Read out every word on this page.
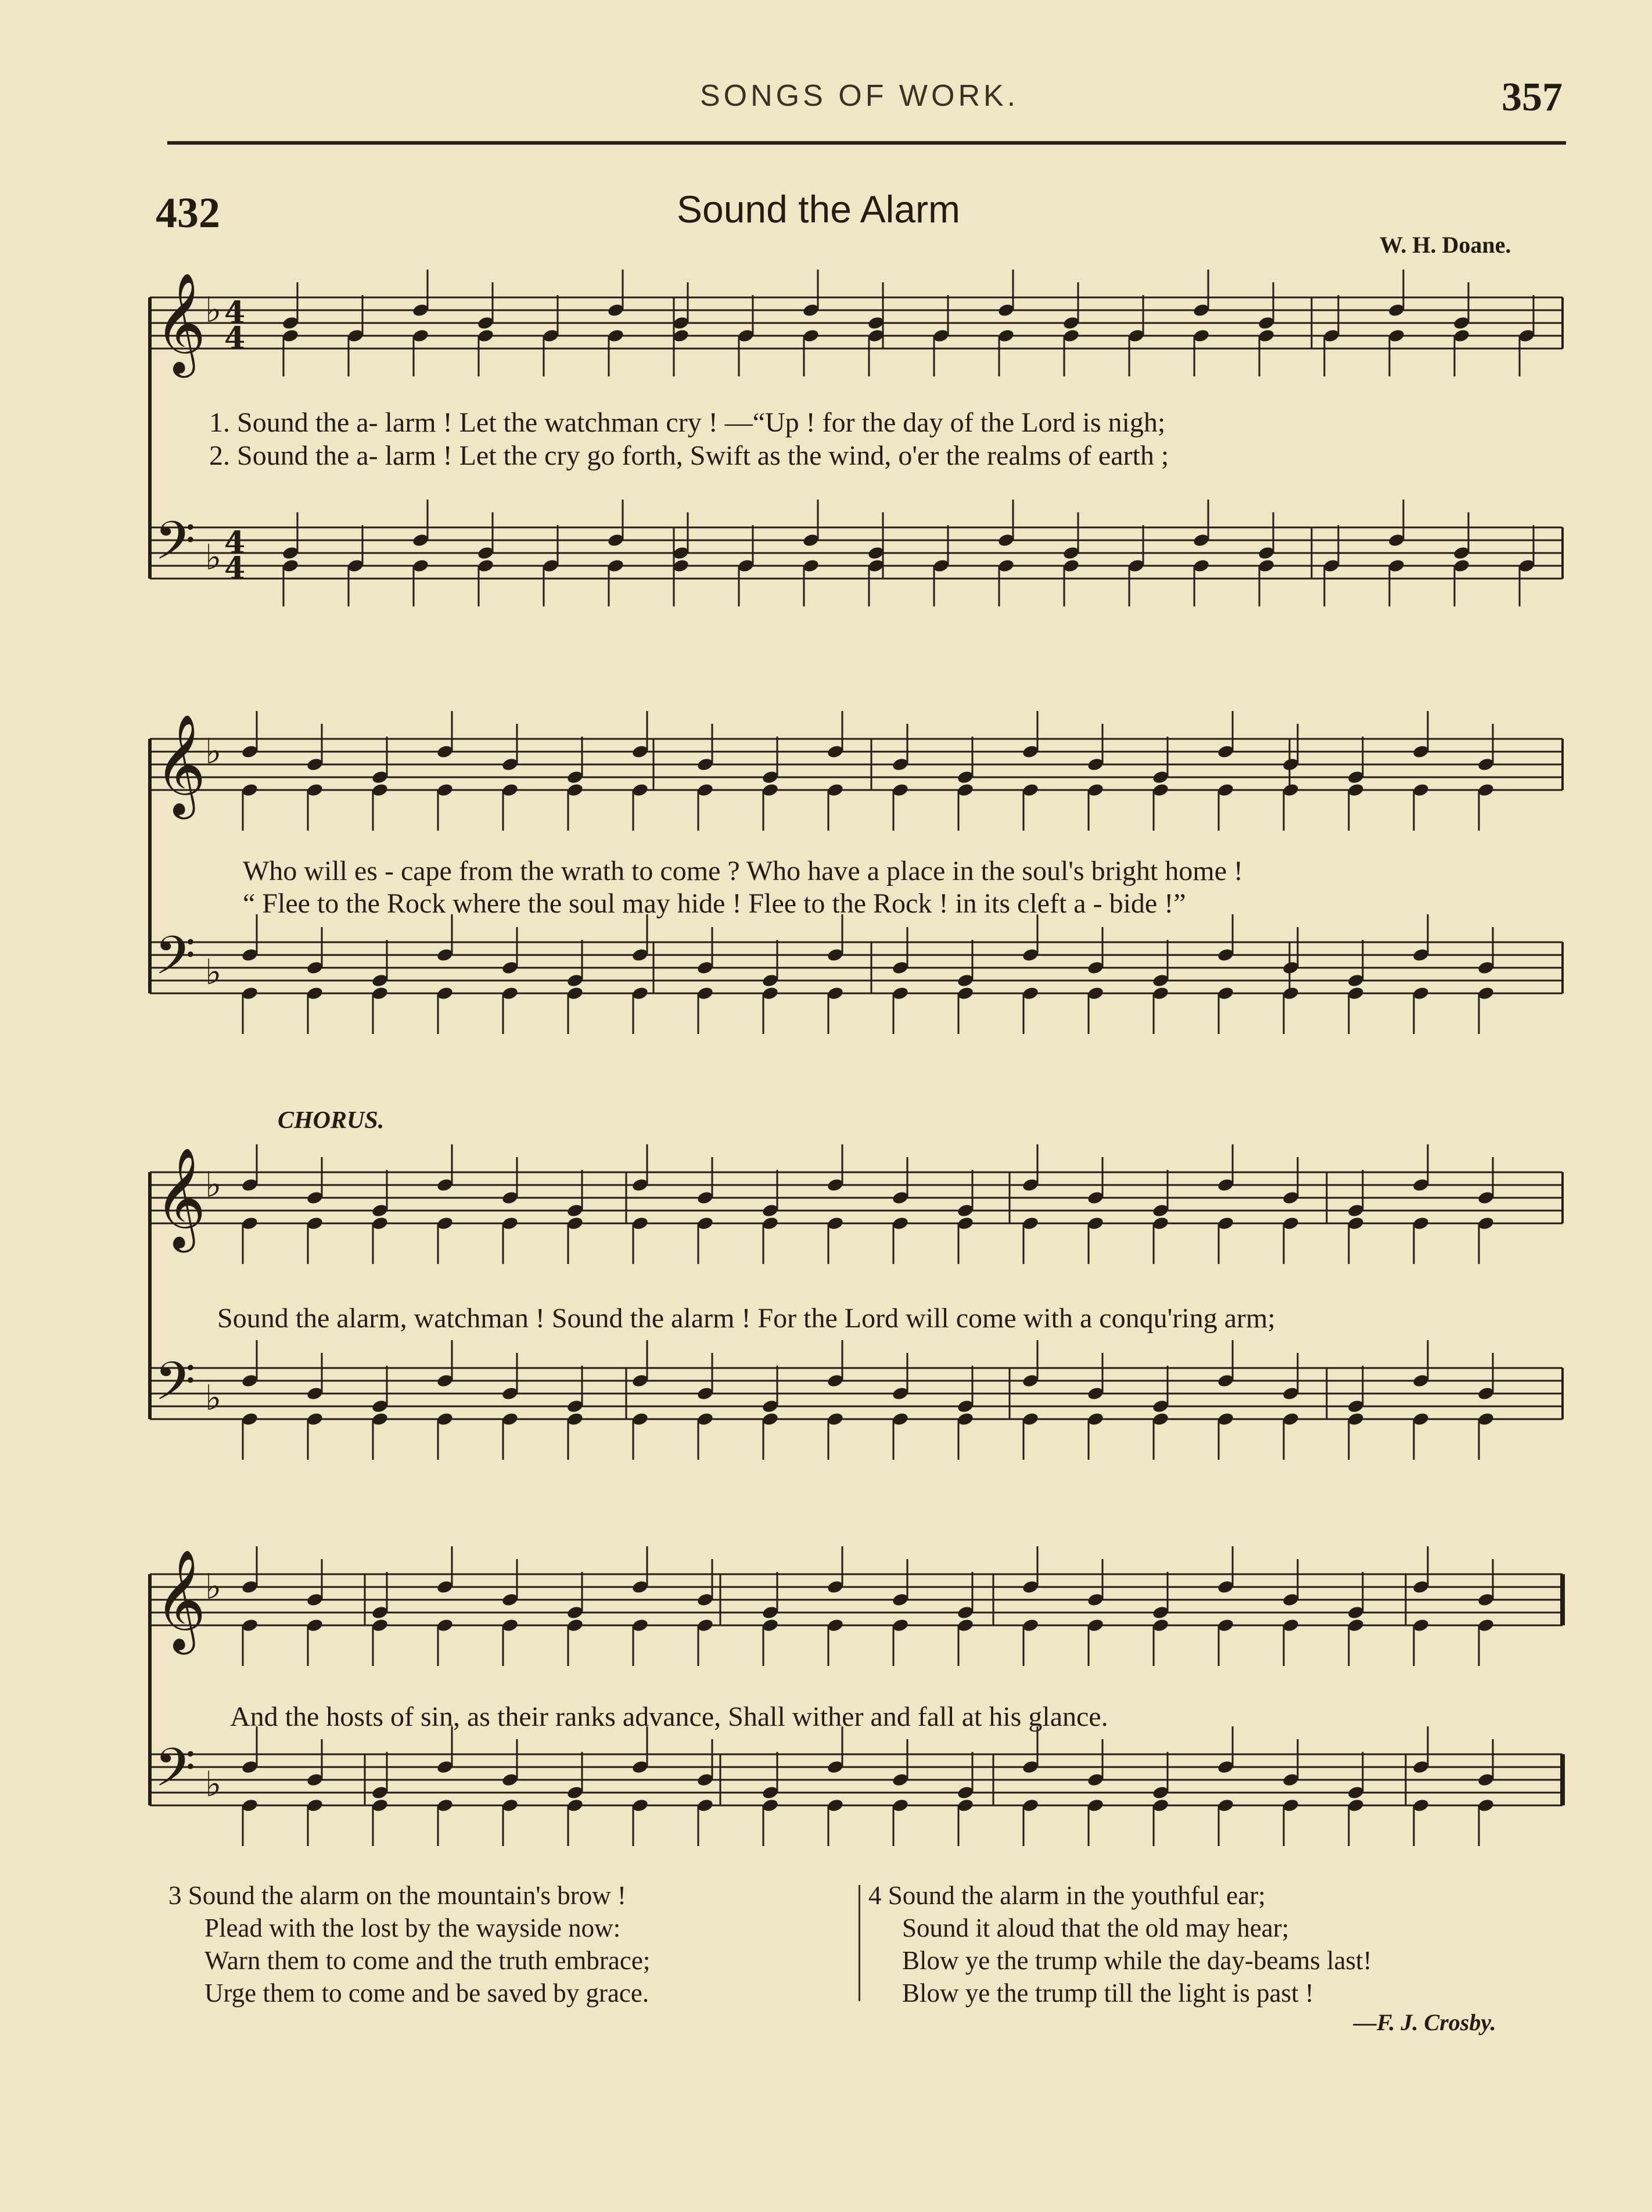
SONGS OF WORK.	357
432	Sound the Alarm
W. H. Doane.
𝄞
♭ 4
4
𝄢 ♭ 4
4
𝄞
♭
𝄢 ♭
𝄞
♭
𝄢 ♭
𝄞
♭
𝄢 ♭
CHORUS.
1. Sound the a- larm ! Let the watchman cry ! —“Up ! for the day of the Lord is nigh;
2. Sound the a- larm ! Let the cry go forth, Swift as the wind, o'er the realms of earth ;
Who will es - cape from the wrath to come ? Who have a place in the soul's bright home !
“ Flee to the Rock where the soul may hide ! Flee to the Rock ! in its cleft a - bide !”
Sound the alarm, watchman ! Sound the alarm ! For the Lord will come with a conqu'ring arm;
And the hosts of sin, as their ranks advance, Shall wither and fall at his glance.
3 Sound the alarm on the mountain's brow !
Plead with the lost by the wayside now:
Warn them to come and the truth embrace;
Urge them to come and be saved by grace.
4 Sound the alarm in the youthful ear;
Sound it aloud that the old may hear;
Blow ye the trump while the day-beams last!
Blow ye the trump till the light is past !
—F. J. Crosby.
